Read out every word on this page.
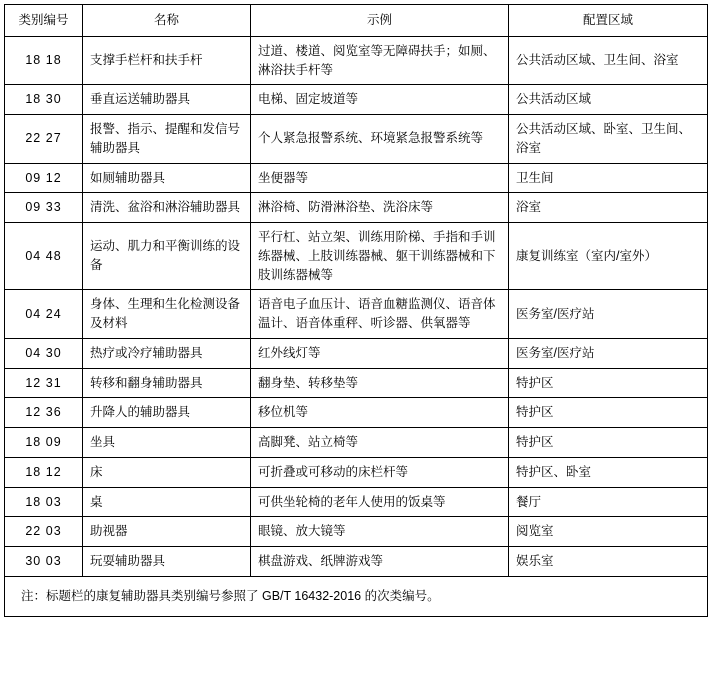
类别编号	名称	示例	配置区域
18 18	支撑手栏杆和扶手杆	过道、楼道、阅览室等无障碍扶手；如厕、淋浴扶手杆等	公共活动区域、卫生间、浴室
18 30	垂直运送辅助器具	电梯、固定坡道等	公共活动区域
22 27	报警、指示、提醒和发信号辅助器具	个人紧急报警系统、环境紧急报警系统等	公共活动区域、卧室、卫生间、浴室
09 12	如厕辅助器具	坐便器等	卫生间
09 33	清洗、盆浴和淋浴辅助器具	淋浴椅、防滑淋浴垫、洗浴床等	浴室
04 48	运动、肌力和平衡训练的设备	平行杠、站立架、训练用阶梯、手指和手训练器械、上肢训练器械、躯干训练器械和下肢训练器械等	康复训练室（室内/室外）
04 24	身体、生理和生化检测设备及材料	语音电子血压计、语音血糖监测仪、语音体温计、语音体重秤、听诊器、供氧器等	医务室/医疗站
04 30	热疗或冷疗辅助器具	红外线灯等	医务室/医疗站
12 31	转移和翻身辅助器具	翻身垫、转移垫等	特护区
12 36	升降人的辅助器具	移位机等	特护区
18 09	坐具	高脚凳、站立椅等	特护区
18 12	床	可折叠或可移动的床栏杆等	特护区、卧室
18 03	桌	可供坐轮椅的老年人使用的饭桌等	餐厅
22 03	助视器	眼镜、放大镜等	阅览室
30 03	玩耍辅助器具	棋盘游戏、纸牌游戏等	娱乐室
注：标题栏的康复辅助器具类别编号参照了 GB/T 16432-2016 的次类编号。			
